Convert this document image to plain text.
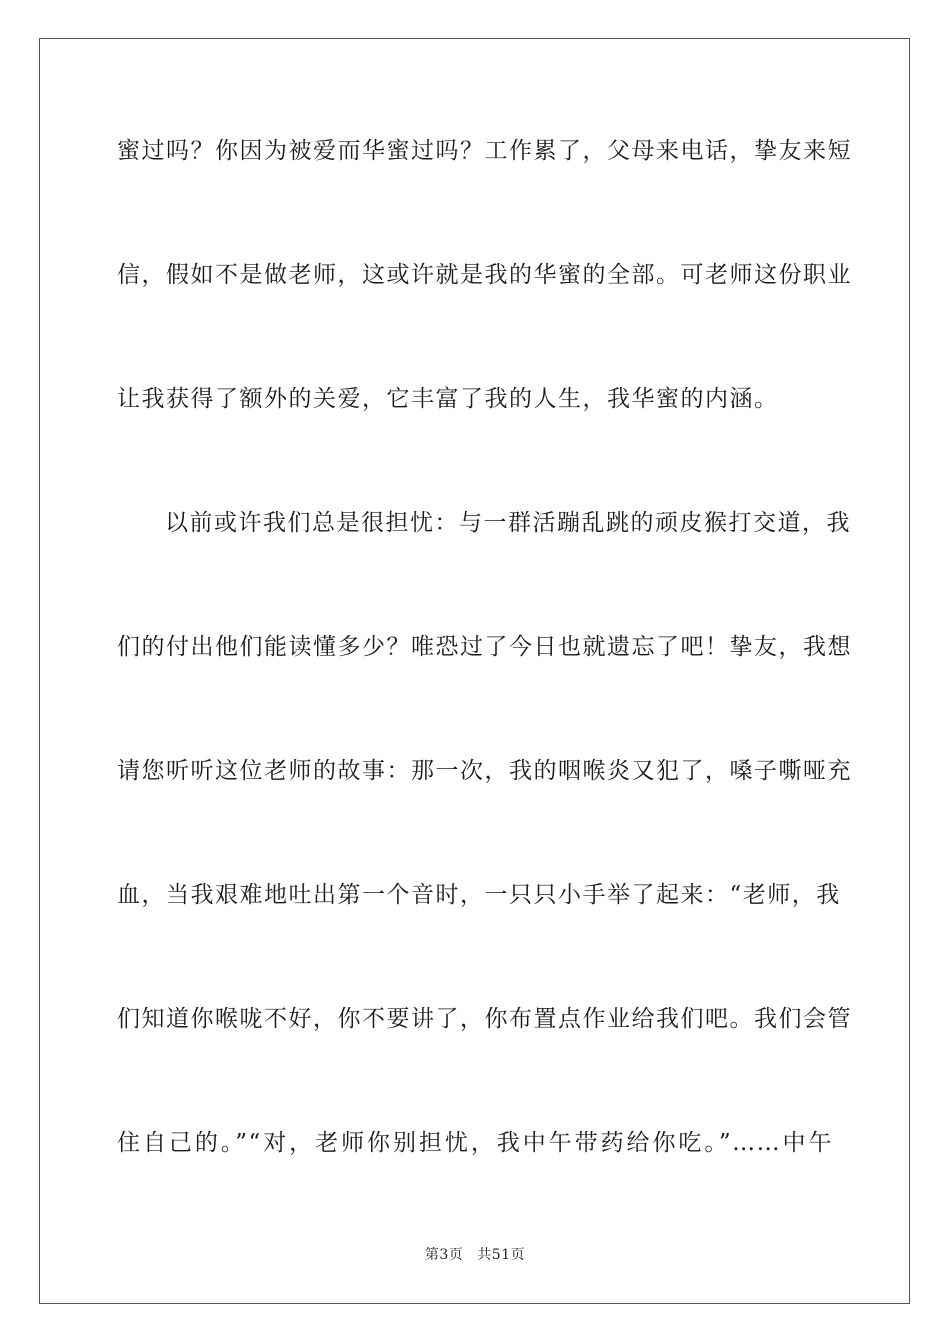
蜜过吗？你因为被爱而华蜜过吗？工作累了，父母来电话，挚友来短
信，假如不是做老师，这或许就是我的华蜜的全部。可老师这份职业
让我获得了额外的关爱，它丰富了我的人生，我华蜜的内涵。
以前或许我们总是很担忧：与一群活蹦乱跳的顽皮猴打交道，我
们的付出他们能读懂多少？唯恐过了今日也就遗忘了吧！挚友，我想
请您听听这位老师的故事：那一次，我的咽喉炎又犯了，嗓子嘶哑充
血，当我艰难地吐出第一个音时，一只只小手举了起来：“老师，我
们知道你喉咙不好，你不要讲了，你布置点作业给我们吧。我们会管
住自己的。”“对，老师你别担忧，我中午带药给你吃。”……中午
第3页 共51页
